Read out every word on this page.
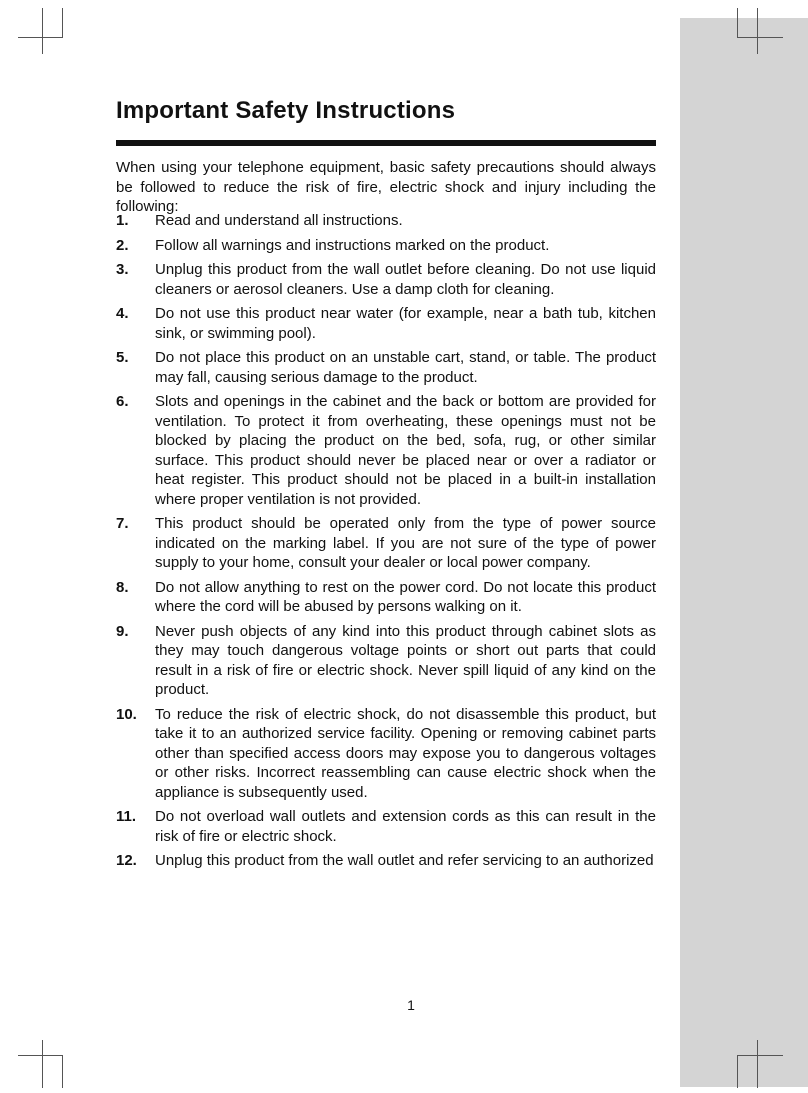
Important Safety Instructions

When using your telephone equipment, basic safety precautions should always be followed to reduce the risk of fire, electric shock and injury including the following:

1.	Read and understand all instructions.
2.	Follow all warnings and instructions marked on the product.
3.	Unplug this product from the wall outlet before cleaning. Do not use liquid cleaners or aerosol cleaners. Use a damp cloth for cleaning.
4.	Do not use this product near water (for example, near a bath tub, kitchen sink, or swimming pool).
5.	Do not place this product on an unstable cart, stand, or table. The product may fall, causing serious damage to the product.
6.	Slots and openings in the cabinet and the back or bottom are provided for ventilation. To protect it from overheating, these openings must not be blocked by placing the product on the bed, sofa, rug, or other similar surface. This product should never be placed near or over a radiator or heat register. This product should not be placed in a built-in installation where proper ventilation is not provided.
7.	This product should be operated only from the type of power source indicated on the marking label. If you are not sure of the type of power supply to your home, consult your dealer or local power company.
8.	Do not allow anything to rest on the power cord. Do not locate this product where the cord will be abused by persons walking on it.
9.	Never push objects of any kind into this product through cabinet slots as they may touch dangerous voltage points or short out parts that could result in a risk of fire or electric shock. Never spill liquid of any kind on the product.
10.	To reduce the risk of electric shock, do not disassemble this product, but take it to an authorized service facility. Opening or removing cabinet parts other than specified access doors may expose you to dangerous voltages or other risks. Incorrect reassembling can cause electric shock when the appliance is subsequently used.
11.	Do not overload wall outlets and extension cords as this can result in the risk of fire or electric shock.
12.	Unplug this product from the wall outlet and refer servicing to an authorized
1
